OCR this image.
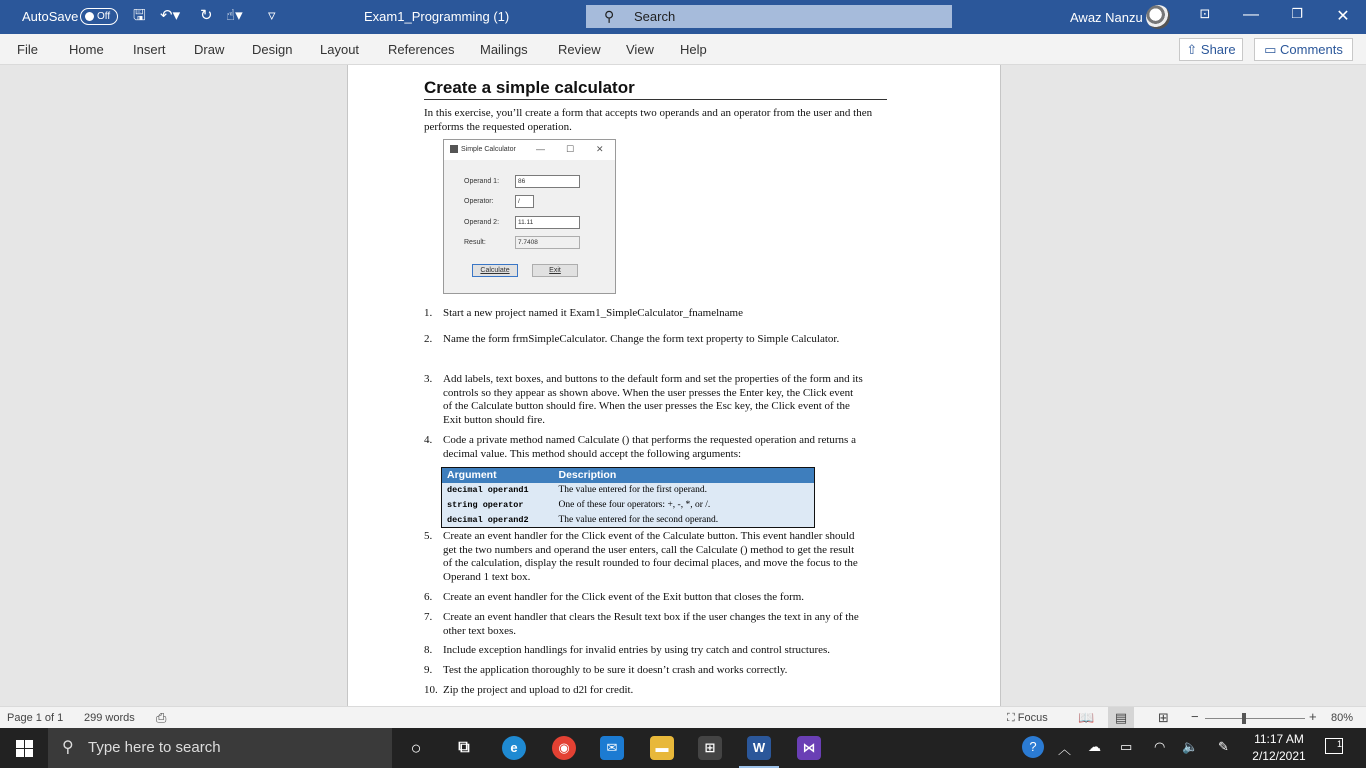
AutoSave	Off	🖫 ↶▾ ↻ ☝▾ ▿	Exam1_Programming (1)	⚲ Search	Awaz Nanzu	⊡	—	❐	✕
File Home Insert Draw Design Layout References Mailings Review View Help	⇧ Share	▭ Comments
Create a simple calculator
In this exercise, you’ll create a form that accepts two operands and an operator from the user and then performs the requested operation.
Simple Calculator — ☐ ✕
Operand 1:	86
Operator:	/
Operand 2:	11.11
Result:	7.7408
Calculate	Exit
1. Start a new project named it Exam1_SimpleCalculator_fnamelname
2. Name the form frmSimpleCalculator. Change the form text property to Simple Calculator.
3. Add labels, text boxes, and buttons to the default form and set the properties of the form and its controls so they appear as shown above. When the user presses the Enter key, the Click event of the Calculate button should fire. When the user presses the Esc key, the Click event of the Exit button should fire.
4. Code a private method named Calculate () that performs the requested operation and returns a decimal value. This method should accept the following arguments:
Argument	Description
decimal operand1	The value entered for the first operand.
string operator	One of these four operators: +, -, *, or /.
decimal operand2	The value entered for the second operand.
5. Create an event handler for the Click event of the Calculate button. This event handler should get the two numbers and operand the user enters, call the Calculate () method to get the result of the calculation, display the result rounded to four decimal places, and move the focus to the Operand 1 text box.
6. Create an event handler for the Click event of the Exit button that closes the form.
7. Create an event handler that clears the Result text box if the user changes the text in any of the other text boxes.
8. Include exception handlings for invalid entries by using try catch and control structures.
9. Test the application thoroughly to be sure it doesn’t crash and works correctly.
10. Zip the project and upload to d2l for credit.
Page 1 of 1 299 words ⎙	⛶ Focus 📖	▤	⊞ −	+ 80%
⚲ Type here to search	○	⧉	e	◉	✉	▬	⊞	W	⋈	?	︿ ☁ ▭ ◠ 🔈 ✎	11:17 AM
2/12/2021
1
